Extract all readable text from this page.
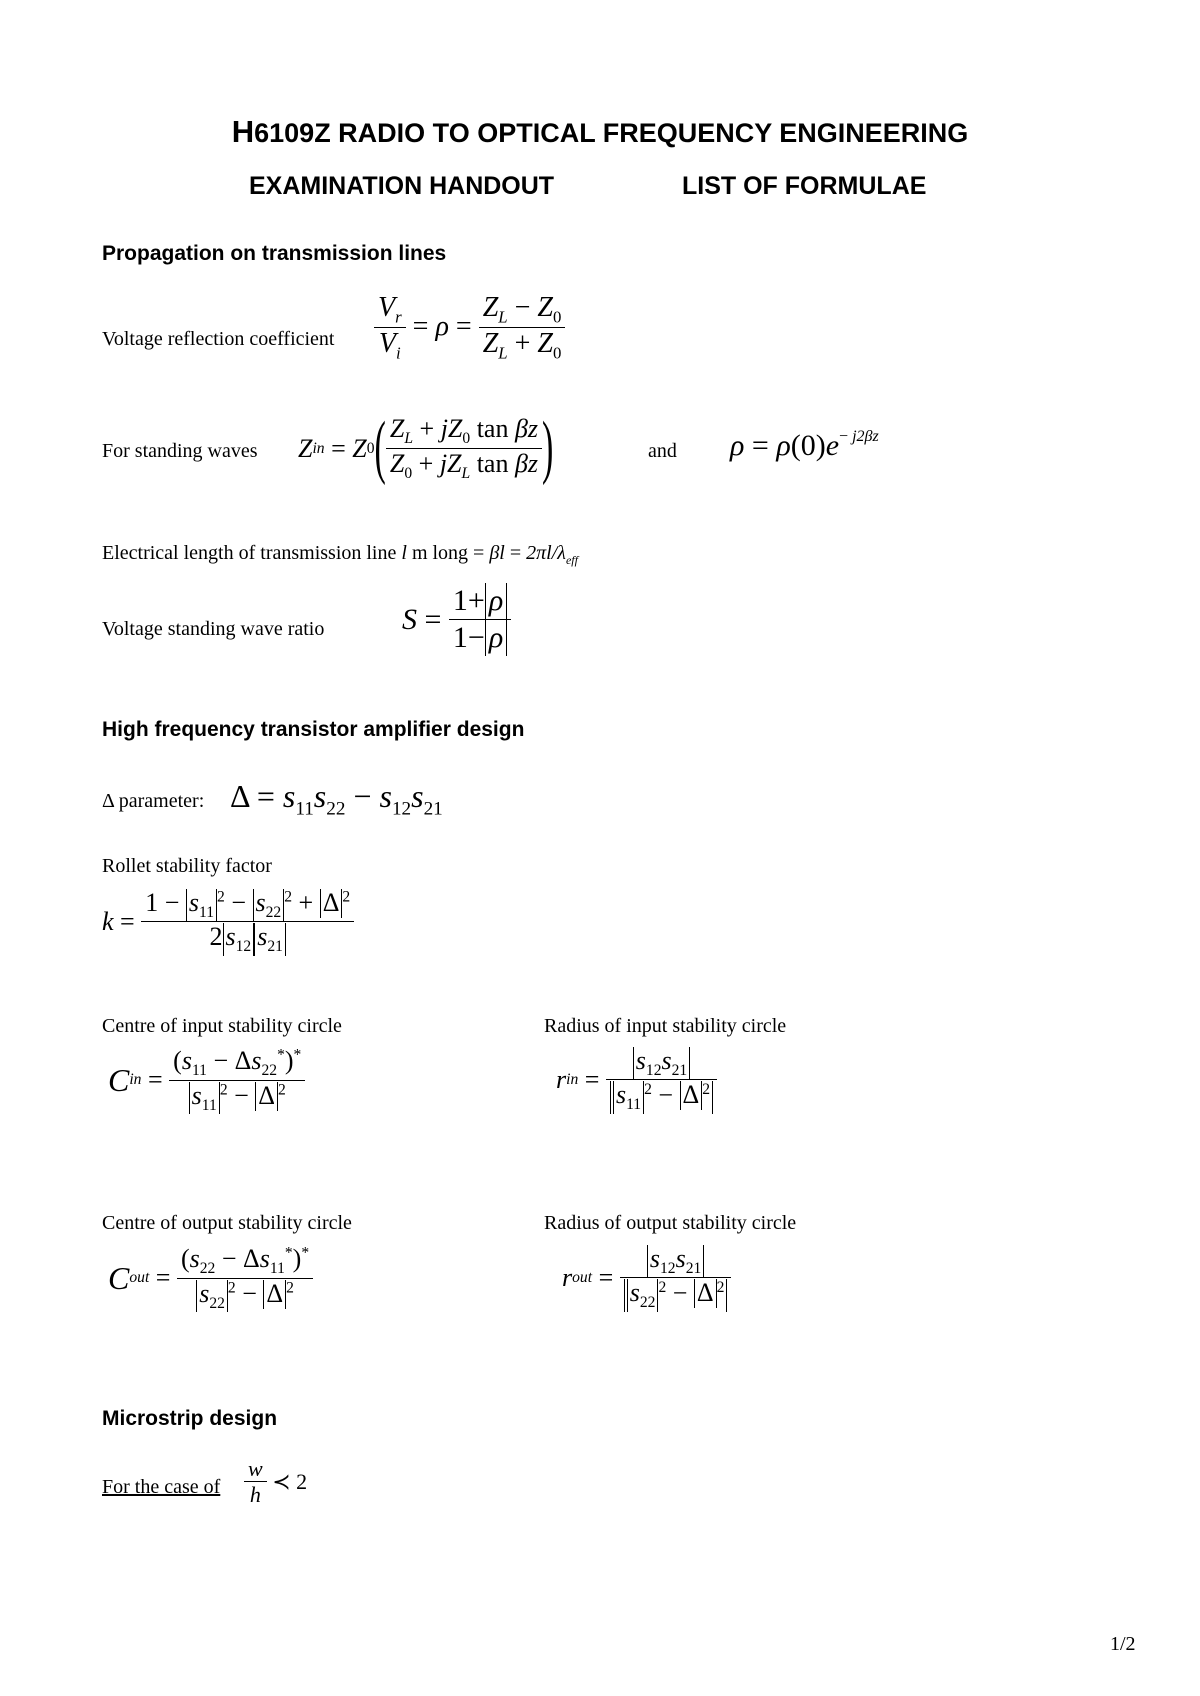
H6109Z RADIO TO OPTICAL FREQUENCY ENGINEERING
EXAMINATION HANDOUT	LIST OF FORMULAE
Propagation on transmission lines
Voltage reflection coefficient $\frac{V_r}{V_i} = \rho = \frac{Z_L - Z_0}{Z_L + Z_0}$
For standing waves Z in = Z 0 ( $\frac{Z_L + jZ_0 \tan \beta z}{Z_0 + jZ_L \tan \beta z}$ )	and $\rho = \rho(0)e^{- j2\beta z}$
Electrical length of transmission line l m long = $\beta l = 2\pi l/\lambda_{eff}$
Voltage standing wave ratio	$S = \frac{1+ \rho}{1- \rho}$
High frequency transistor amplifier design
Δ parameter: $\Delta = s_{11}s_{22} - s_{12}s_{21}$
Rollet stability factor
$k = \frac{1 - s_{11}^2 - s_{22}^2 + \Delta ^2}{2 s_{12} s_{21}}$
Centre of input stability circle	Radius of input stability circle
C in = $\frac{(s_{11} - \Delta s_{22}^*)^*}{s_{11}^2 - \Delta ^2}$	r in = $\frac{s_{12}s_{21}}{s_{11}^2 - \Delta ^2}$
Centre of output stability circle	Radius of output stability circle
C out = $\frac{(s_{22} - \Delta s_{11}^*)^*}{s_{22}^2 - \Delta ^2}$	r out = $\frac{s_{12}s_{21}}{s_{22}^2 - \Delta ^2}$
Microstrip design
For the case of $\frac{w}{h}$ ≺ 2
1/2
